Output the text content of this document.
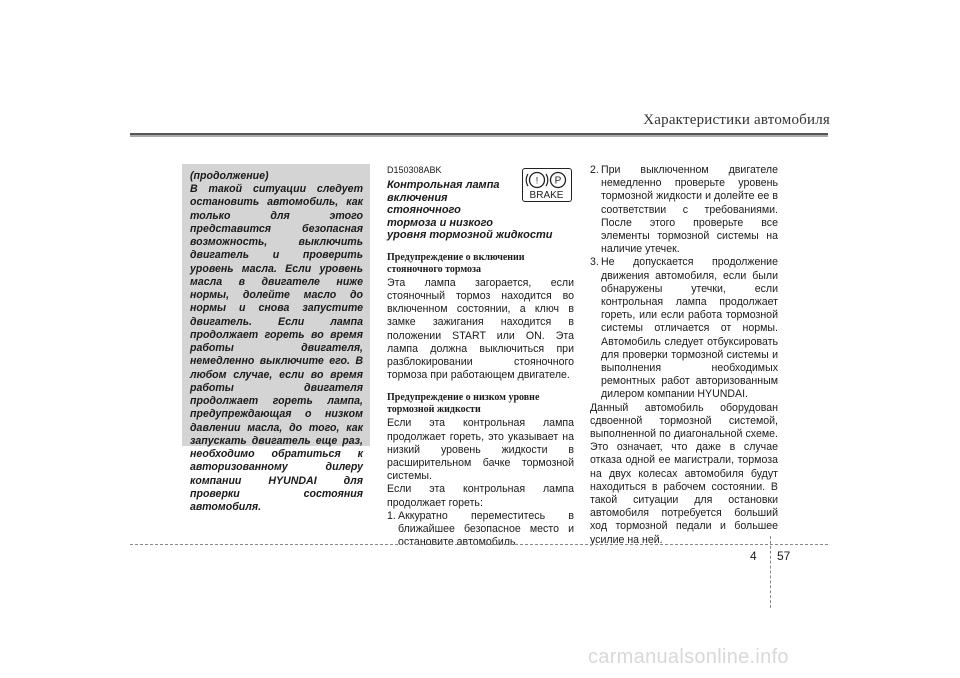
Характеристики автомобиля

(продолжение)

В такой ситуации следует остановить автомобиль, как только для этого представится безопасная возможность, выключить двигатель и проверить уровень масла. Если уровень масла в двигателе ниже нормы, долейте масло до нормы и снова запустите двигатель. Если лампа продолжает гореть во время работы двигателя, немедленно выключите его. В любом случае, если во время работы двигателя продолжает гореть лампа, предупреждающая о низком давлении масла, до того, как запускать двигатель еще раз, необходимо обратиться к авторизованному дилеру компании HYUNDAI для проверки состояния автомобиля.

D150308ABK

Контрольная лампа
включения стояночного
тормоза и низкого
уровня тормозной жидкости

Предупреждение о включении стояночного тормоза

Эта лампа загорается, если стояночный тормоз находится во включенном состоянии, а ключ в замке зажигания находится в положении START или ON. Эта лампа должна выключиться при разблокировании стояночного тормоза при работающем двигателе.

Предупреждение о низком уровне тормозной жидкости

Если эта контрольная лампа продолжает гореть, это указывает на низкий уровень жидкости в расширительном бачке тормозной системы.

Если эта контрольная лампа продолжает гореть:

1. Аккуратно переместитесь в ближайшее безопасное место и остановите автомобиль.
! P
BRAKE
2. При выключенном двигателе немедленно проверьте уровень тормозной жидкости и долейте ее в соответствии с требованиями. После этого проверьте все элементы тормозной системы на наличие утечек.
3. Не допускается продолжение движения автомобиля, если были обнаружены утечки, если контрольная лампа продолжает гореть, или если работа тормозной системы отличается от нормы. Автомобиль следует отбуксировать для проверки тормозной системы и выполнения необходимых ремонтных работ авторизованным дилером компании HYUNDAI.

Данный автомобиль оборудован сдвоенной тормозной системой, выполненной по диагональной схеме. Это означает, что даже в случае отказа одной ее магистрали, тормоза на двух колесах автомобиля будут находиться в рабочем состоянии. В такой ситуации для остановки автомобиля потребуется больший ход тормозной педали и большее усилие на ней.

4 57
carmanualsonline.info
